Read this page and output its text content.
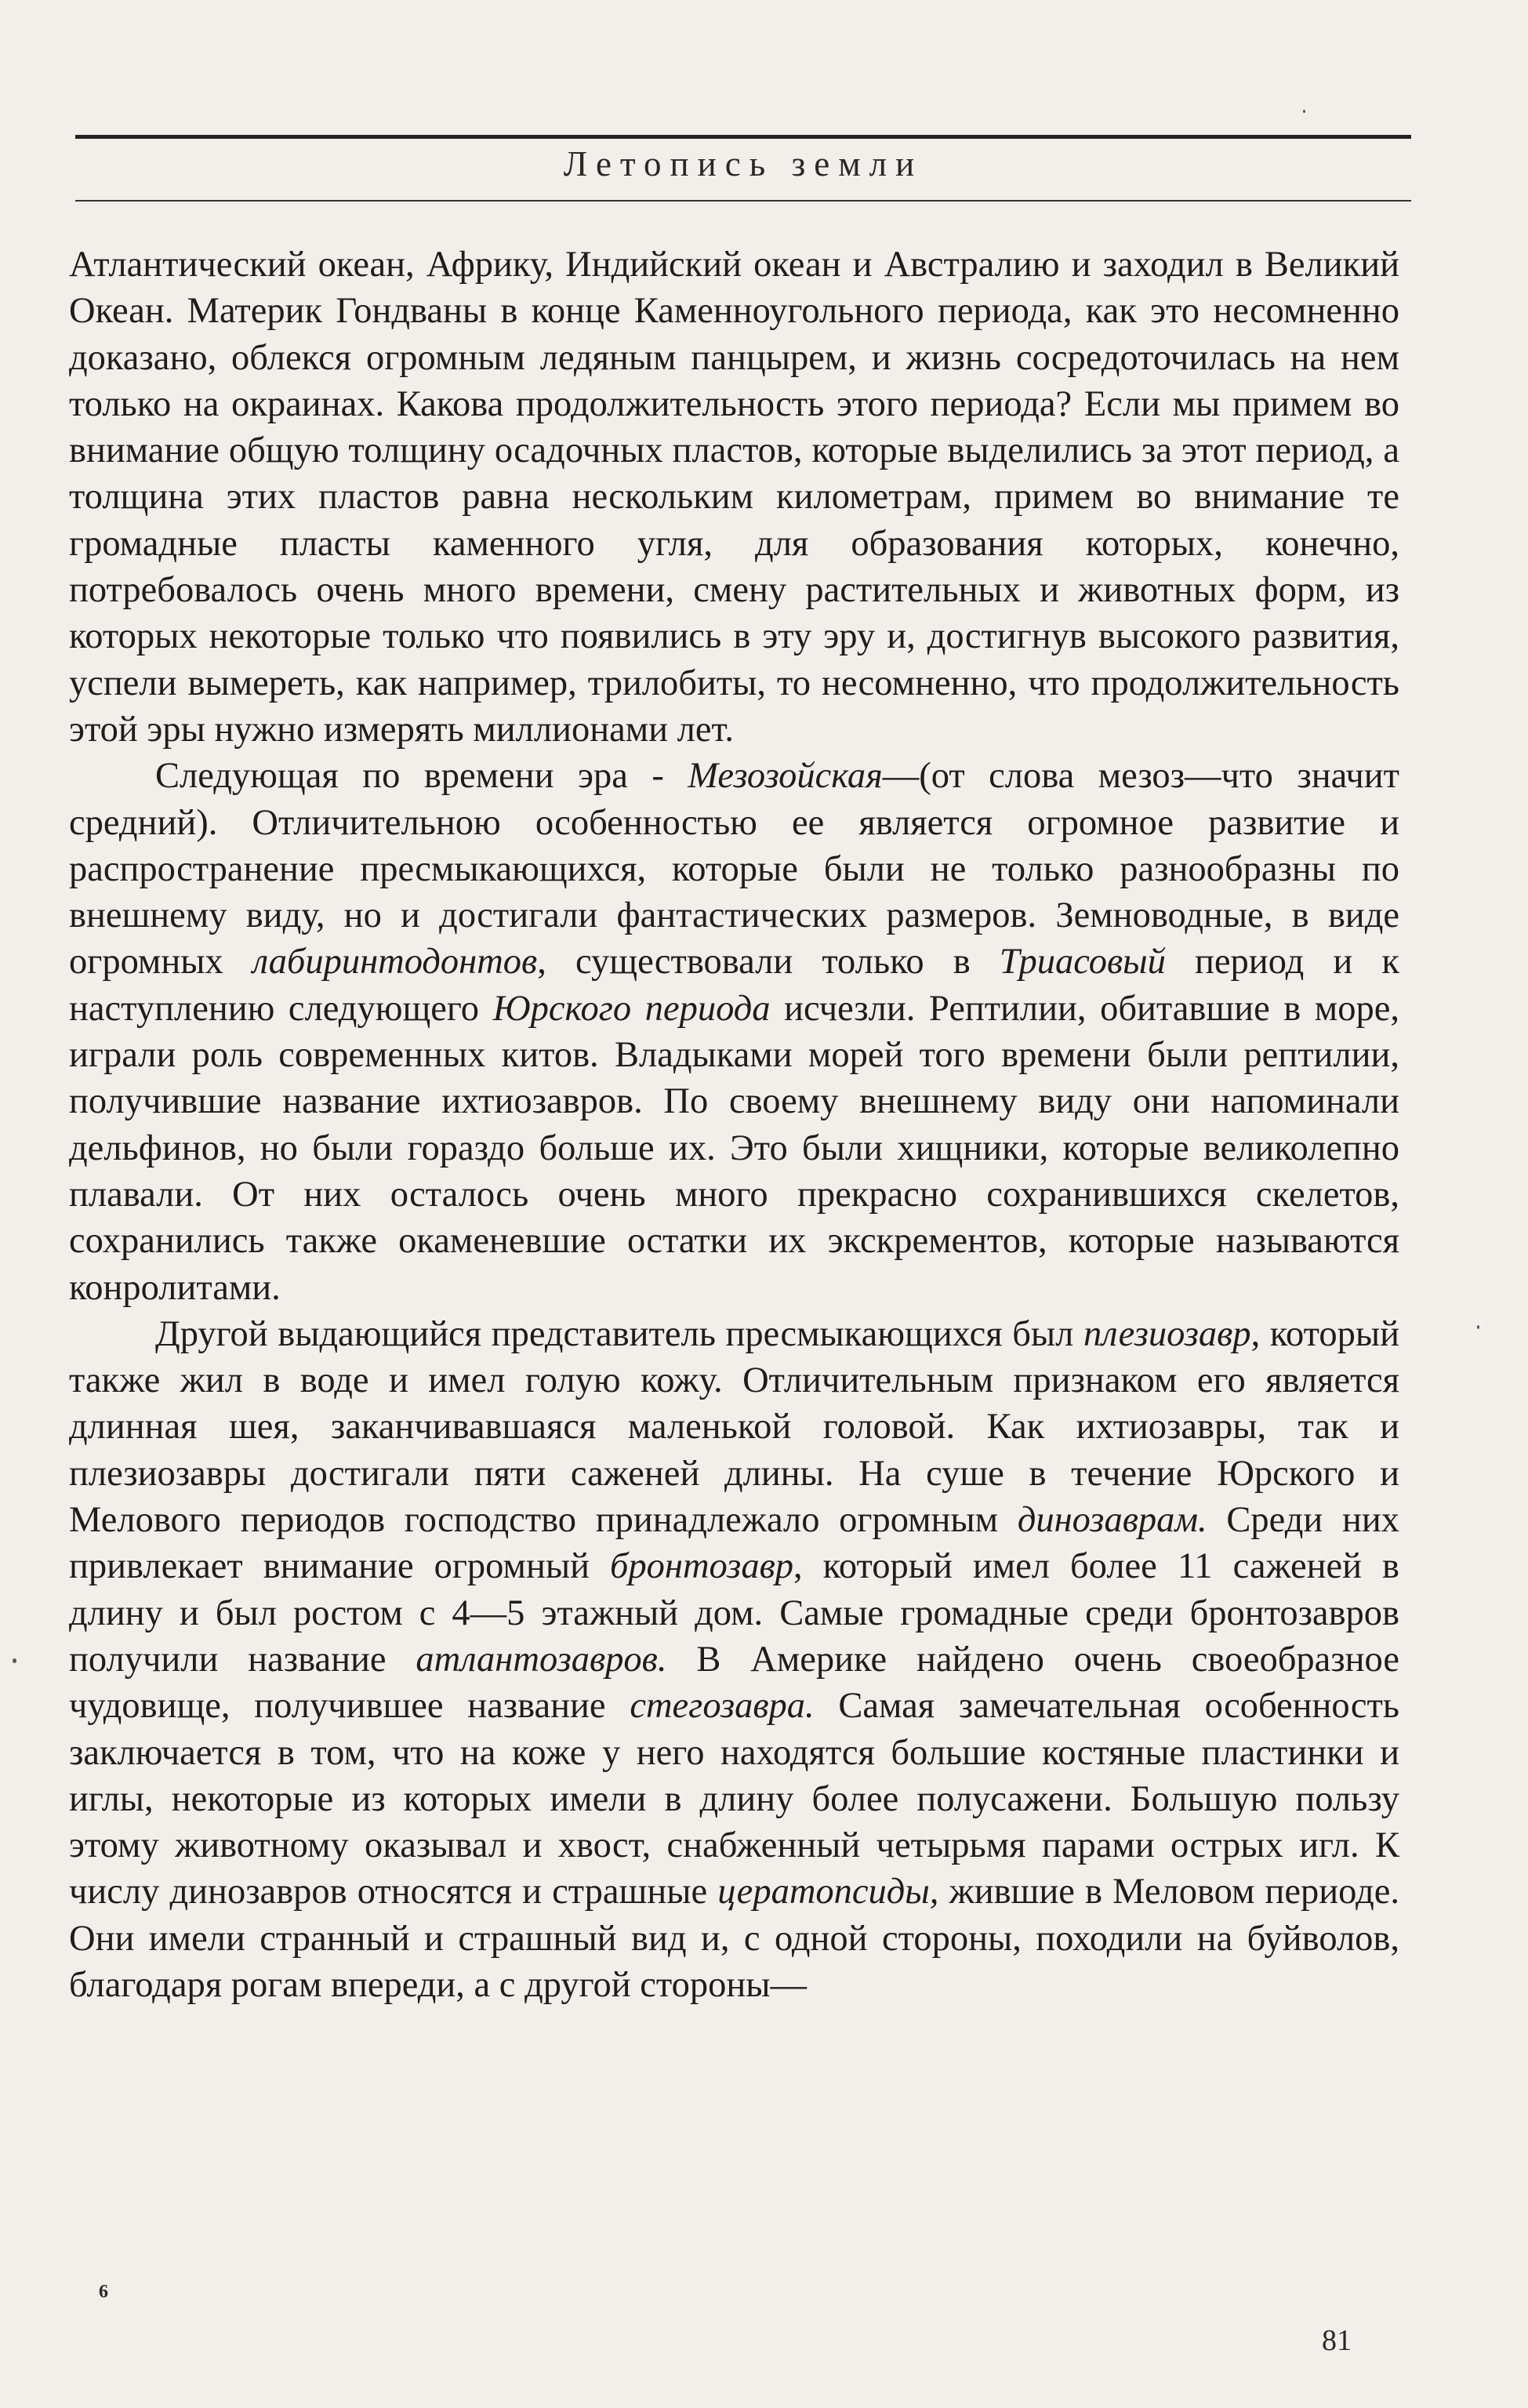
Летопись земли

Атлантический океан, Африку, Индийский океан и Австралию и заходил в Великий Океан. Материк Гондваны в конце Каменноугольного периода, как это несомненно доказано, облекся огромным ледяным панцырем, и жизнь сосредоточилась на нем только на окраинах. Какова продолжительность этого периода? Если мы примем во внимание общую толщину осадочных пластов, которые выделились за этот период, а толщина этих пластов равна нескольким километрам, примем во внимание те громадные пласты каменного угля, для образования которых, конечно, потребовалось очень много времени, смену растительных и животных форм, из которых некоторые только что появились в эту эру и, достигнув высокого развития, успели вымереть, как например, трилобиты, то несомненно, что продолжительность этой эры нужно измерять миллионами лет.

Следующая по времени эра - Мезозойская—(от слова мезоз—что значит средний). Отличительною особенностью ее является огромное развитие и распространение пресмыкающихся, которые были не только разнообразны по внешнему виду, но и достигали фантастических размеров. Земноводные, в виде огромных лабиринтодонтов, существовали только в Триасовый период и к наступлению следующего Юрского периода исчезли. Рептилии, обитавшие в море, играли роль современных китов. Владыками морей того времени были рептилии, получившие название ихтиозавров. По своему внешнему виду они напоминали дельфинов, но были гораздо больше их. Это были хищники, которые великолепно плавали. От них осталось очень много прекрасно сохранившихся скелетов, сохранились также окаменевшие остатки их экскрементов, которые называются конролитами.

Другой выдающийся представитель пресмыкающихся был плезиозавр, который также жил в воде и имел голую кожу. Отличительным признаком его является длинная шея, заканчивавшаяся маленькой головой. Как ихтиозавры, так и плезиозавры достигали пяти саженей длины. На суше в течение Юрского и Мелового периодов господство принадлежало огромным динозаврам. Среди них привлекает внимание огромный бронтозавр, который имел более 11 саженей в длину и был ростом с 4—5 этажный дом. Самые громадные среди бронтозавров получили название атлантозавров. В Америке найдено очень своеобразное чудовище, получившее название стегозавра. Самая замечательная особенность заключается в том, что на коже у него находятся большие костяные пластинки и иглы, некоторые из которых имели в длину более полусажени. Большую пользу этому животному оказывал и хвост, снабженный четырьмя парами острых игл. К числу динозавров относятся и страшные цератопсиды, жившие в Меловом периоде. Они имели странный и страшный вид и, с одной стороны, походили на буйволов, благодаря рогам впереди, а с другой стороны—

6
81
